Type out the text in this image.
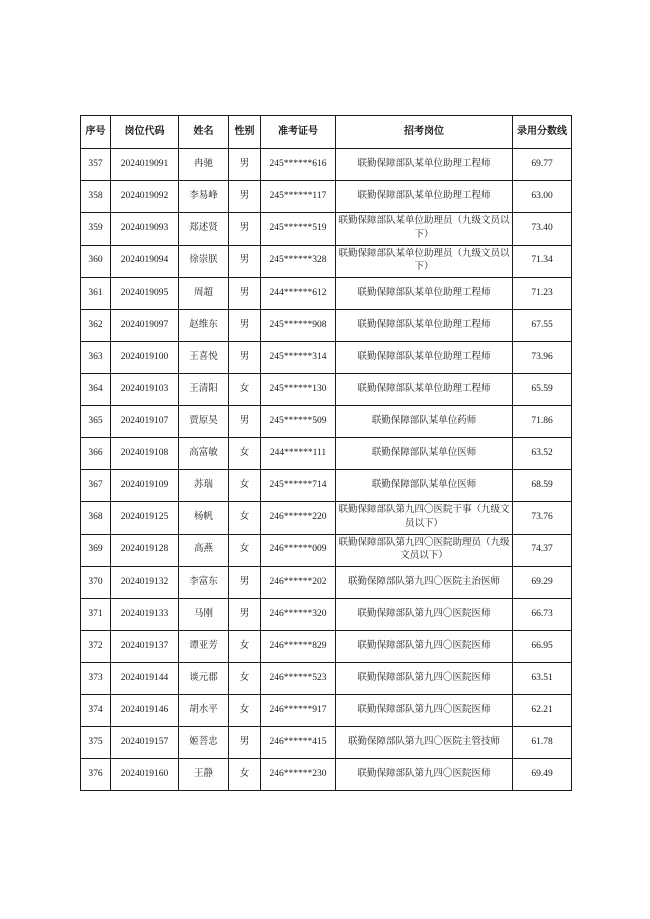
序号	岗位代码	姓名	性别	准考证号	招考岗位	录用分数线
357	2024019091	冉驰	男	245******616	联勤保障部队某单位助理工程师	69.77
358	2024019092	李易峰	男	245******117	联勤保障部队某单位助理工程师	63.00
359	2024019093	郑述贤	男	245******519	联勤保障部队某单位助理员（九级文员以下）	73.40
360	2024019094	徐崇朕	男	245******328	联勤保障部队某单位助理员（九级文员以下）	71.34
361	2024019095	周超	男	244******612	联勤保障部队某单位助理工程师	71.23
362	2024019097	赵维东	男	245******908	联勤保障部队某单位助理工程师	67.55
363	2024019100	王喜悦	男	245******314	联勤保障部队某单位助理工程师	73.96
364	2024019103	王清阳	女	245******130	联勤保障部队某单位助理工程师	65.59
365	2024019107	贾原昊	男	245******509	联勤保障部队某单位药师	71.86
366	2024019108	高富敏	女	244******111	联勤保障部队某单位医师	63.52
367	2024019109	苏瑞	女	245******714	联勤保障部队某单位医师	68.59
368	2024019125	杨帆	女	246******220	联勤保障部队第九四〇医院干事（九级文员以下）	73.76
369	2024019128	高燕	女	246******009	联勤保障部队第九四〇医院助理员（九级文员以下）	74.37
370	2024019132	李富东	男	246******202	联勤保障部队第九四〇医院主治医师	69.29
371	2024019133	马刚	男	246******320	联勤保障部队第九四〇医院医师	66.73
372	2024019137	谭亚芳	女	246******829	联勤保障部队第九四〇医院医师	66.95
373	2024019144	谈元郡	女	246******523	联勤保障部队第九四〇医院医师	63.51
374	2024019146	胡水平	女	246******917	联勤保障部队第九四〇医院医师	62.21
375	2024019157	姬菩忠	男	246******415	联勤保障部队第九四〇医院主管技师	61.78
376	2024019160	王静	女	246******230	联勤保障部队第九四〇医院医师	69.49
